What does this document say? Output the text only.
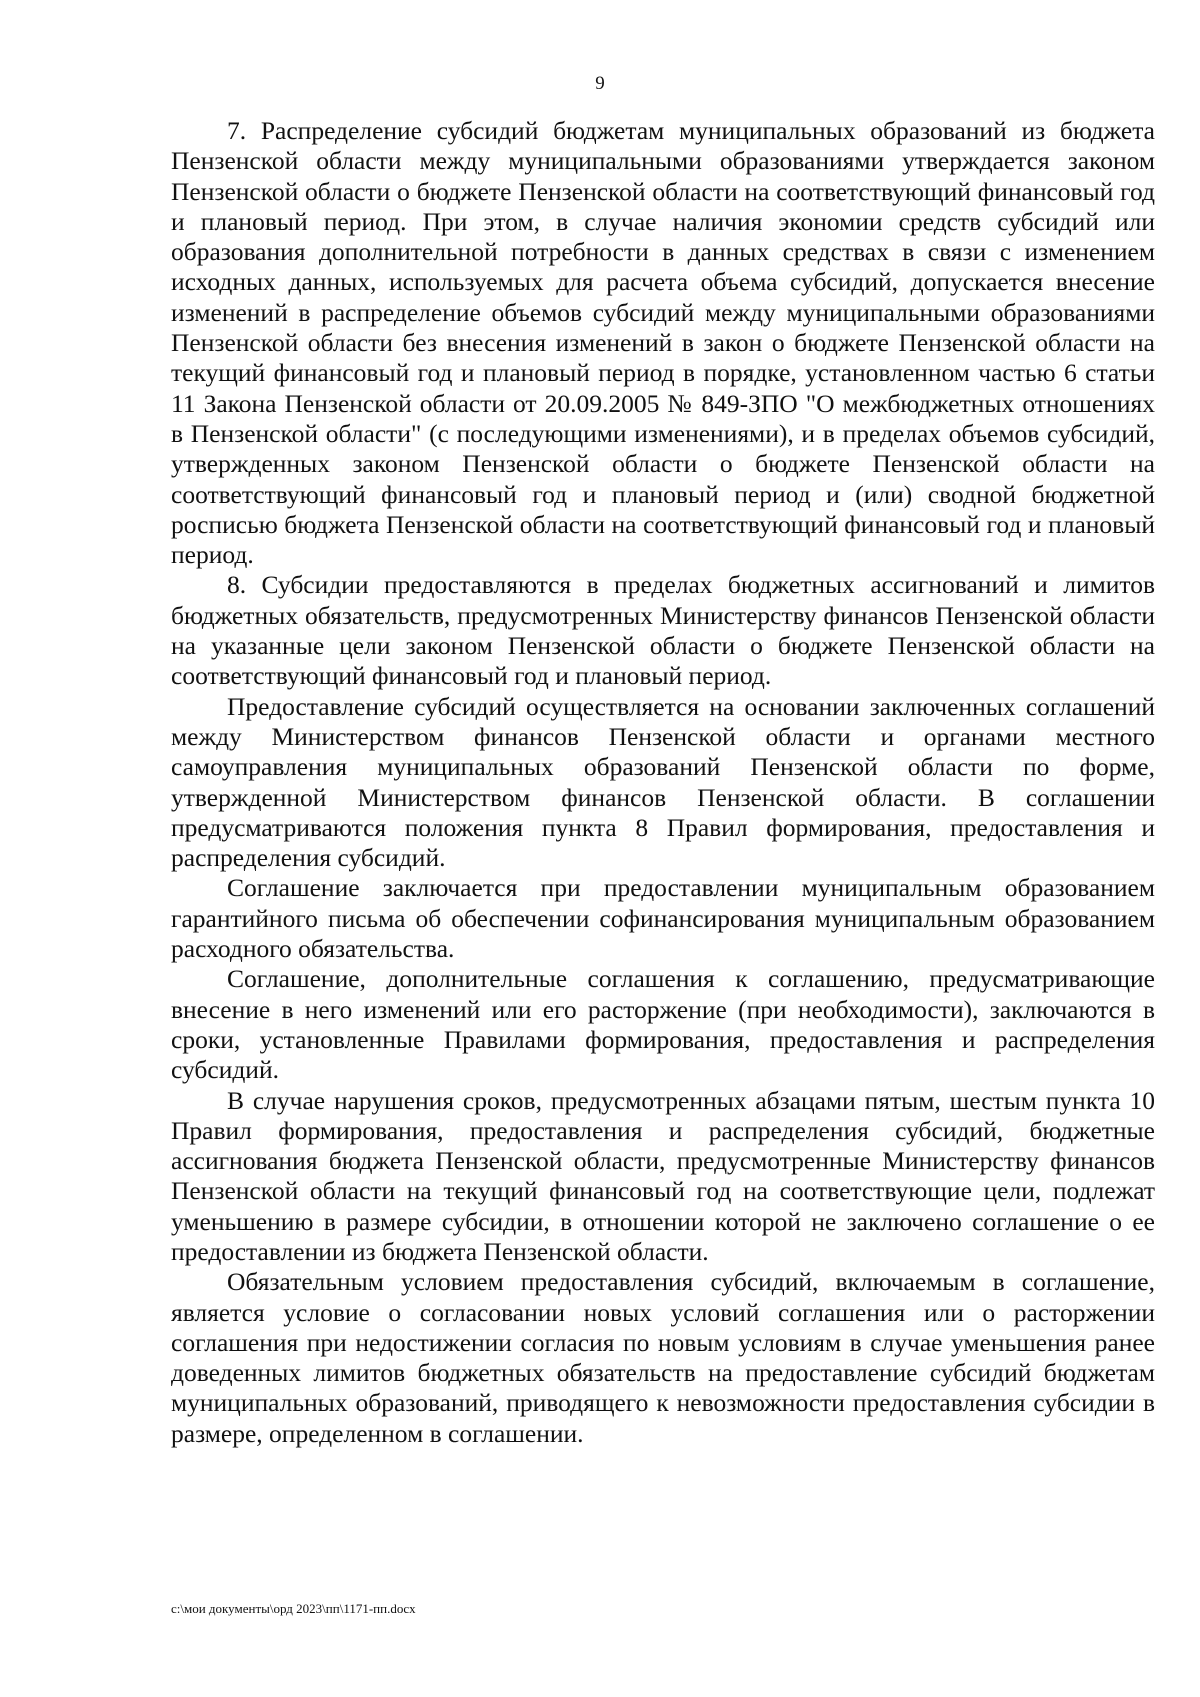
9

7. Распределение субсидий бюджетам муниципальных образований из бюджета Пензенской области между муниципальными образованиями утверждается законом Пензенской области о бюджете Пензенской области на соответствующий финансовый год и плановый период. При этом, в случае наличия экономии средств субсидий или образования дополнительной потребности в данных средствах в связи с изменением исходных данных, используемых для расчета объема субсидий, допускается внесение изменений в распределение объемов субсидий между муниципальными образованиями Пензенской области без внесения изменений в закон о бюджете Пензенской области на текущий финансовый год и плановый период в порядке, установленном частью 6 статьи 11 Закона Пензенской области от 20.09.2005 № 849-ЗПО "О межбюджетных отношениях в Пензенской области" (с последующими изменениями), и в пределах объемов субсидий, утвержденных законом Пензенской области о бюджете Пензенской области на соответствующий финансовый год и плановый период и (или) сводной бюджетной росписью бюджета Пензенской области на соответствующий финансовый год и плановый период.

8. Субсидии предоставляются в пределах бюджетных ассигнований и лимитов бюджетных обязательств, предусмотренных Министерству финансов Пензенской области на указанные цели законом Пензенской области о бюджете Пензенской области на соответствующий финансовый год и плановый период.

Предоставление субсидий осуществляется на основании заключенных соглашений между Министерством финансов Пензенской области и органами местного самоуправления муниципальных образований Пензенской области по форме, утвержденной Министерством финансов Пензенской области. В соглашении предусматриваются положения пункта 8 Правил формирования, предоставления и распределения субсидий.

Соглашение заключается при предоставлении муниципальным образованием гарантийного письма об обеспечении софинансирования муниципальным образованием расходного обязательства.

Соглашение, дополнительные соглашения к соглашению, предусматривающие внесение в него изменений или его расторжение (при необходимости), заключаются в сроки, установленные Правилами формирования, предоставления и распределения субсидий.

В случае нарушения сроков, предусмотренных абзацами пятым, шестым пункта 10 Правил формирования, предоставления и распределения субсидий, бюджетные ассигнования бюджета Пензенской области, предусмотренные Министерству финансов Пензенской области на текущий финансовый год на соответствующие цели, подлежат уменьшению в размере субсидии, в отношении которой не заключено соглашение о ее предоставлении из бюджета Пензенской области.

Обязательным условием предоставления субсидий, включаемым в соглашение, является условие о согласовании новых условий соглашения или о расторжении соглашения при недостижении согласия по новым условиям в случае уменьшения ранее доведенных лимитов бюджетных обязательств на предоставление субсидий бюджетам муниципальных образований, приводящего к невозможности предоставления субсидии в размере, определенном в соглашении.

c:\мои документы\орд 2023\пп\1171-пп.docx
